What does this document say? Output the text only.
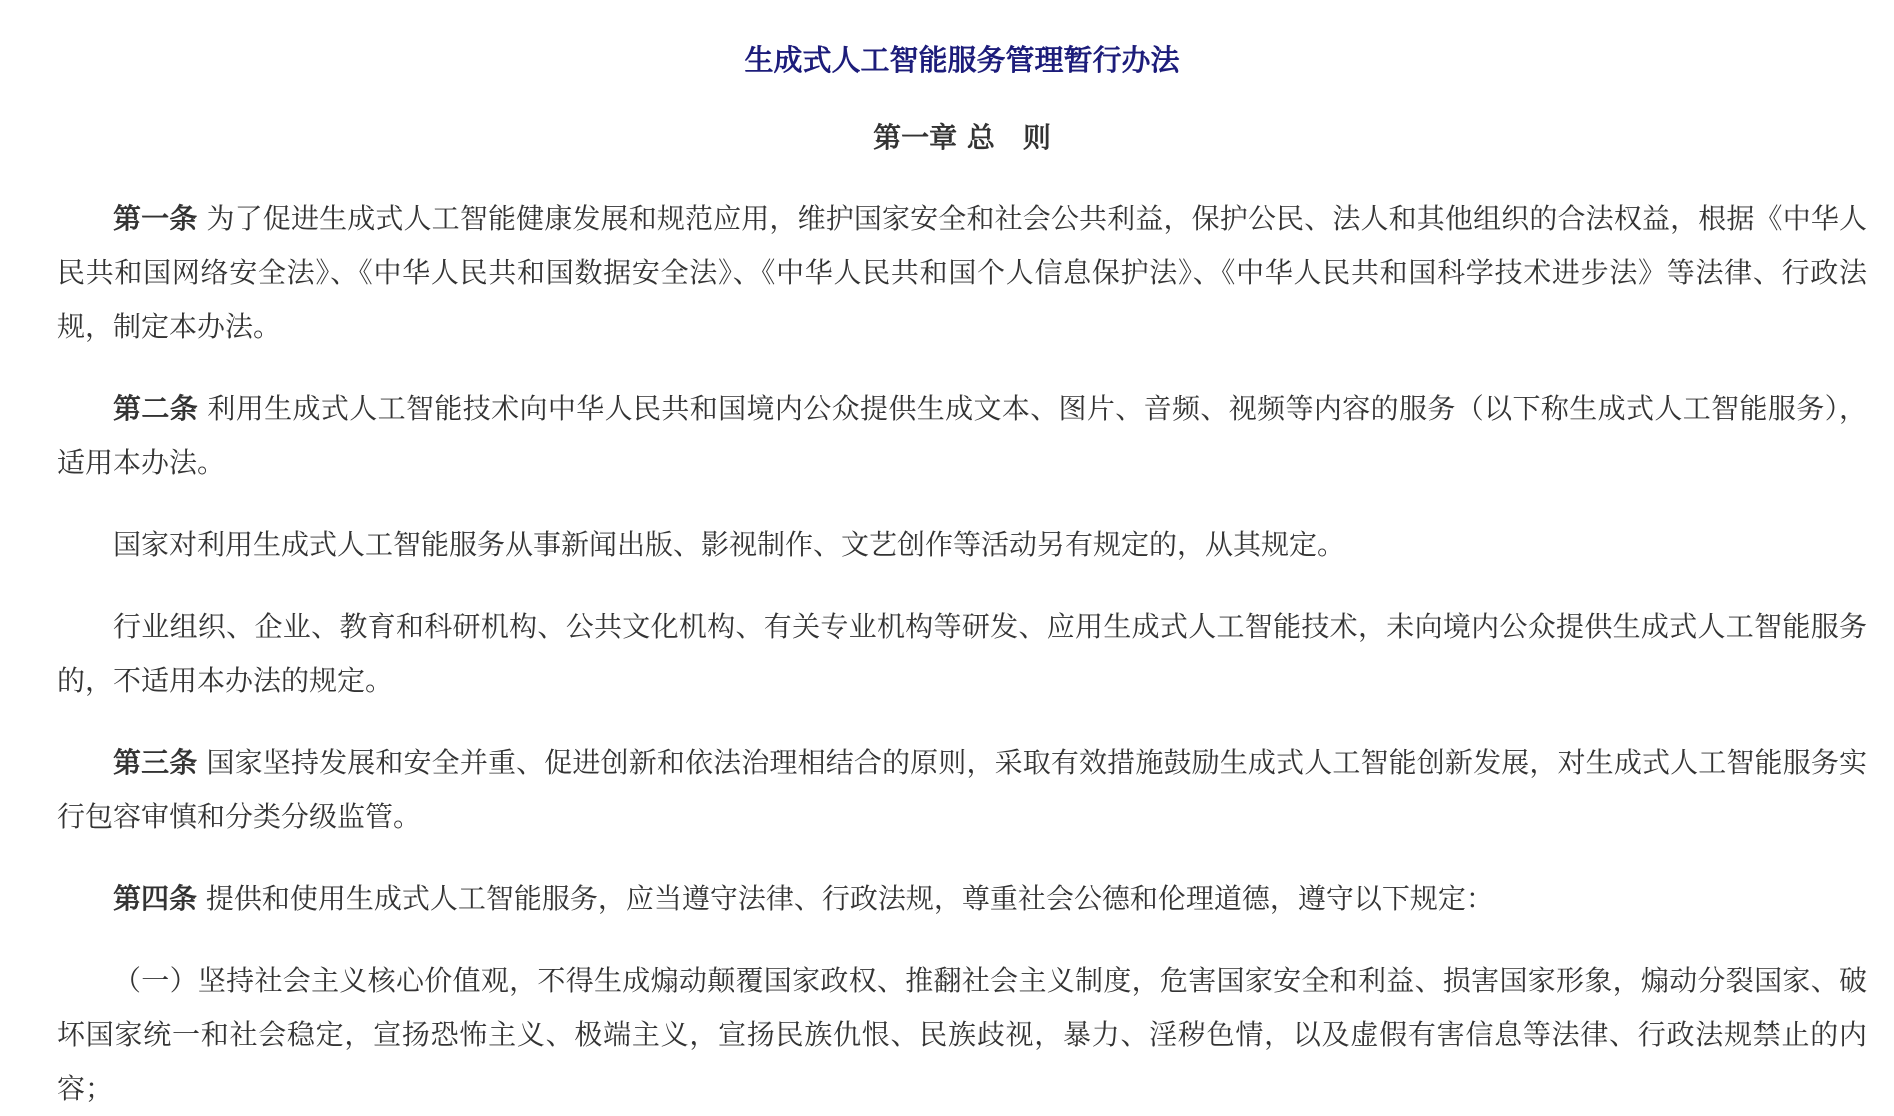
生成式人工智能服务管理暂行办法
第一章 总　则

第一条 为了促进生成式人工智能健康发展和规范应用，维护国家安全和社会公共利益，保护公民、法人和其他组织的合法权益，根据《中华人民共和国网络安全法》、《中华人民共和国数据安全法》、《中华人民共和国个人信息保护法》、《中华人民共和国科学技术进步法》等法律、行政法规，制定本办法。

第二条 利用生成式人工智能技术向中华人民共和国境内公众提供生成文本、图片、音频、视频等内容的服务（以下称生成式人工智能服务），适用本办法。

国家对利用生成式人工智能服务从事新闻出版、影视制作、文艺创作等活动另有规定的，从其规定。

行业组织、企业、教育和科研机构、公共文化机构、有关专业机构等研发、应用生成式人工智能技术，未向境内公众提供生成式人工智能服务的，不适用本办法的规定。

第三条 国家坚持发展和安全并重、促进创新和依法治理相结合的原则，采取有效措施鼓励生成式人工智能创新发展，对生成式人工智能服务实行包容审慎和分类分级监管。

第四条 提供和使用生成式人工智能服务，应当遵守法律、行政法规，尊重社会公德和伦理道德，遵守以下规定：

（一）坚持社会主义核心价值观，不得生成煽动颠覆国家政权、推翻社会主义制度，危害国家安全和利益、损害国家形象，煽动分裂国家、破坏国家统一和社会稳定，宣扬恐怖主义、极端主义，宣扬民族仇恨、民族歧视，暴力、淫秽色情，以及虚假有害信息等法律、行政法规禁止的内容；
